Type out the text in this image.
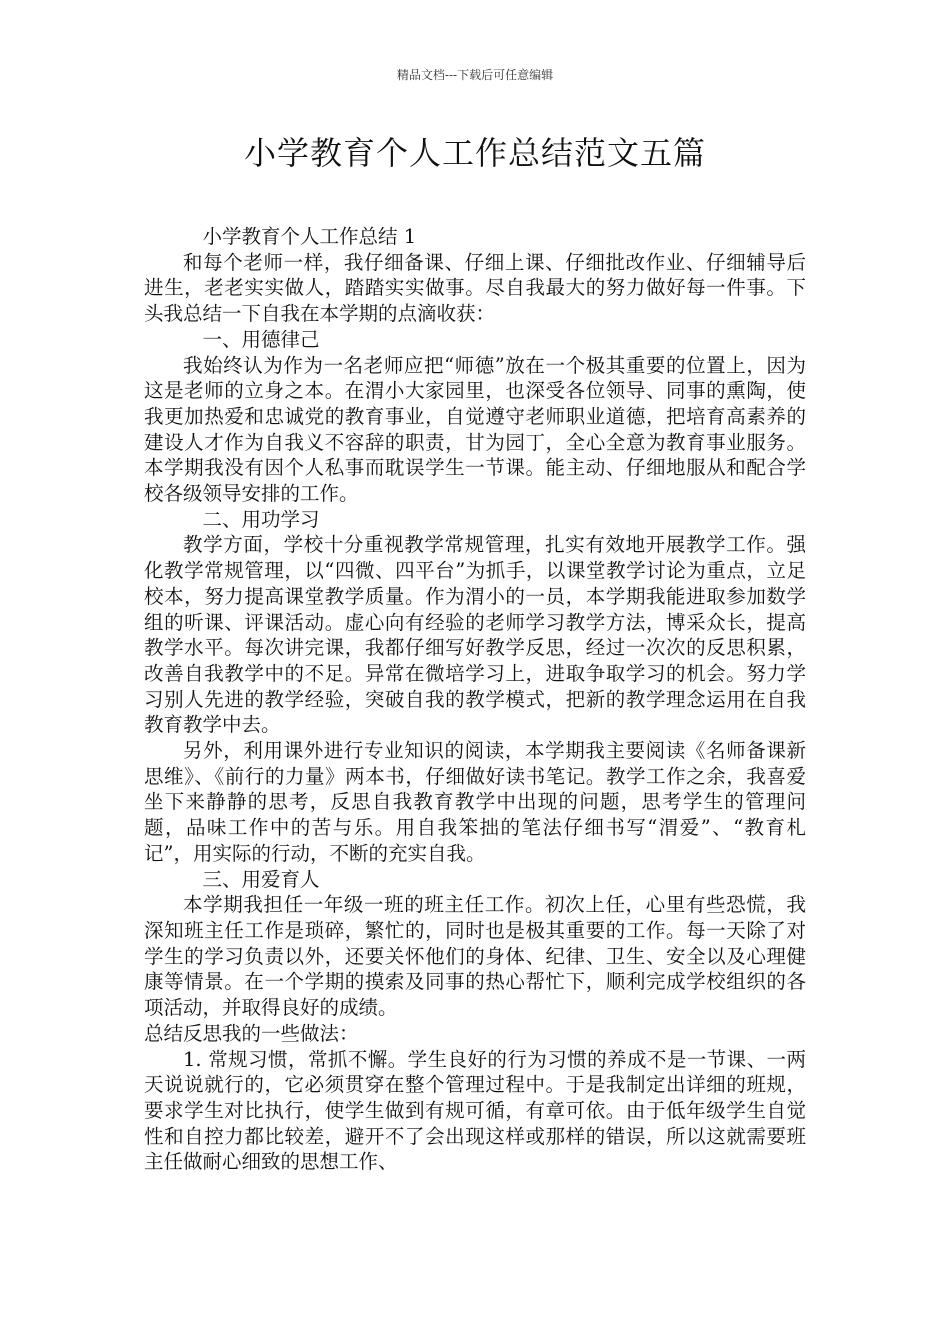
精品文档---下载后可任意编辑
小学教育个人工作总结范文五篇

小学教育个人工作总结 1

和每个老师一样，我仔细备课、仔细上课、仔细批改作业、仔细辅导后进生，老老实实做人，踏踏实实做事。尽自我最大的努力做好每一件事。下头我总结一下自我在本学期的点滴收获：

一、用德律己

我始终认为作为一名老师应把“师德”放在一个极其重要的位置上，因为这是老师的立身之本。在渭小大家园里，也深受各位领导、同事的熏陶，使我更加热爱和忠诚党的教育事业，自觉遵守老师职业道德，把培育高素养的建设人才作为自我义不容辞的职责，甘为园丁，全心全意为教育事业服务。本学期我没有因个人私事而耽误学生一节课。能主动、仔细地服从和配合学校各级领导安排的工作。

二、用功学习

教学方面，学校十分重视教学常规管理，扎实有效地开展教学工作。强化教学常规管理，以“四微、四平台”为抓手，以课堂教学讨论为重点，立足校本，努力提高课堂教学质量。作为渭小的一员，本学期我能进取参加数学组的听课、评课活动。虚心向有经验的老师学习教学方法，博采众长，提高教学水平。每次讲完课，我都仔细写好教学反思，经过一次次的反思积累，改善自我教学中的不足。异常在微培学习上，进取争取学习的机会。努力学习别人先进的教学经验，突破自我的教学模式，把新的教学理念运用在自我教育教学中去。

另外，利用课外进行专业知识的阅读，本学期我主要阅读《名师备课新思维》、《前行的力量》两本书，仔细做好读书笔记。教学工作之余，我喜爱坐下来静静的思考，反思自我教育教学中出现的问题，思考学生的管理问题，品味工作中的苦与乐。用自我笨拙的笔法仔细书写“渭爱”、“教育札记”，用实际的行动，不断的充实自我。

三、用爱育人

本学期我担任一年级一班的班主任工作。初次上任，心里有些恐慌，我深知班主任工作是琐碎，繁忙的，同时也是极其重要的工作。每一天除了对学生的学习负责以外，还要关怀他们的身体、纪律、卫生、安全以及心理健康等情景。在一个学期的摸索及同事的热心帮忙下，顺利完成学校组织的各项活动，并取得良好的成绩。

总结反思我的一些做法：

1. 常规习惯，常抓不懈。学生良好的行为习惯的养成不是一节课、一两天说说就行的，它必须贯穿在整个管理过程中。于是我制定出详细的班规，要求学生对比执行，使学生做到有规可循，有章可依。由于低年级学生自觉性和自控力都比较差，避开不了会出现这样或那样的错误，所以这就需要班主任做耐心细致的思想工作、
